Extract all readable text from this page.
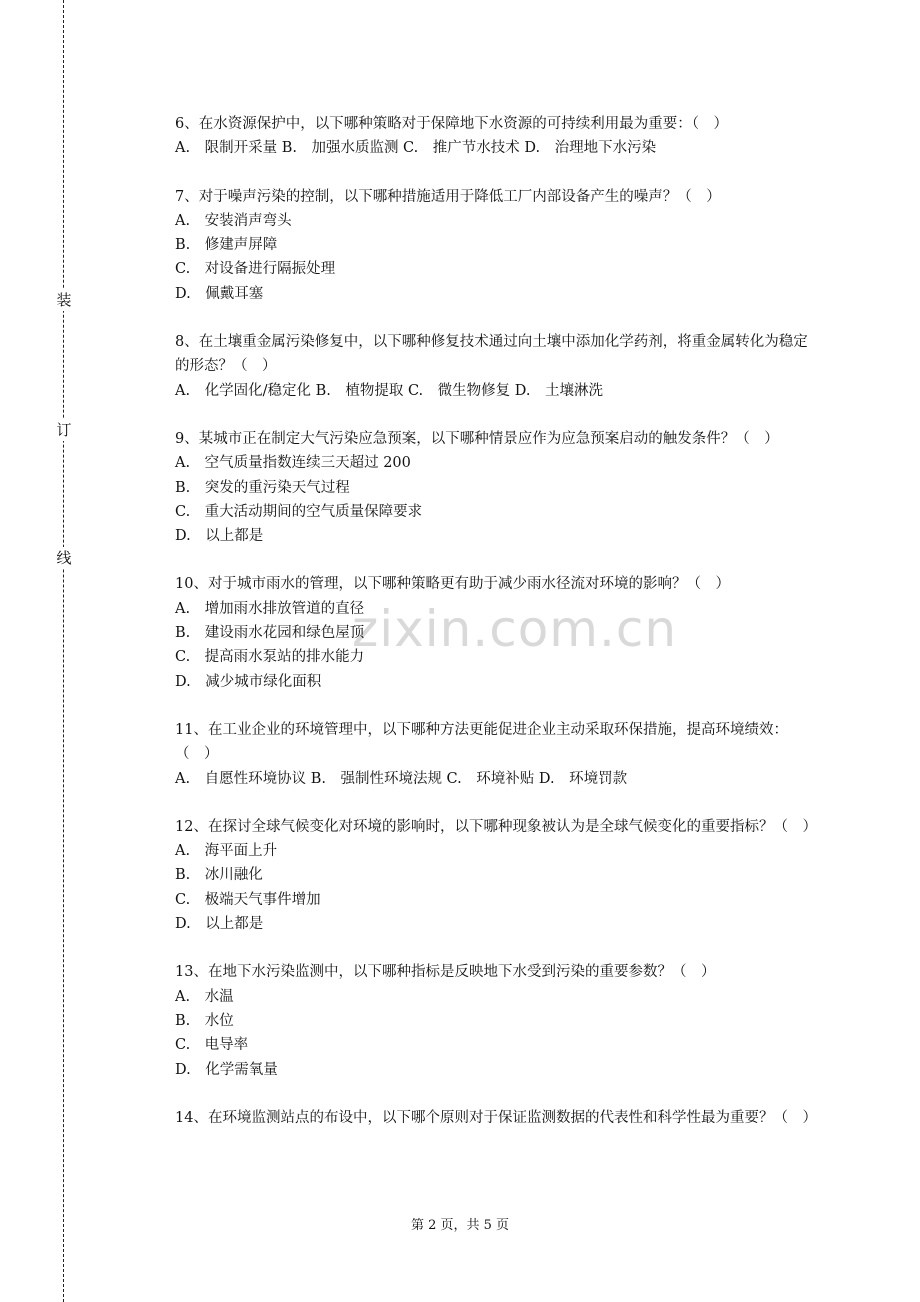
装
订
线
zixin.com.cn

6、在水资源保护中，以下哪种策略对于保障地下水资源的可持续利用最为重要：（　）

A.　限制开采量 B.　加强水质监测 C.　推广节水技术 D.　治理地下水污染

7、对于噪声污染的控制，以下哪种措施适用于降低工厂内部设备产生的噪声？（　）

A.　安装消声弯头

B.　修建声屏障

C.　对设备进行隔振处理

D.　佩戴耳塞

8、在土壤重金属污染修复中，以下哪种修复技术通过向土壤中添加化学药剂，将重金属转化为稳定的形态？（　）

A.　化学固化/稳定化 B.　植物提取 C.　微生物修复 D.　土壤淋洗

9、某城市正在制定大气污染应急预案，以下哪种情景应作为应急预案启动的触发条件？（　）

A.　空气质量指数连续三天超过 200

B.　突发的重污染天气过程

C.　重大活动期间的空气质量保障要求

D.　以上都是

10、对于城市雨水的管理，以下哪种策略更有助于减少雨水径流对环境的影响？（　）

A.　增加雨水排放管道的直径

B.　建设雨水花园和绿色屋顶

C.　提高雨水泵站的排水能力

D.　减少城市绿化面积

11、在工业企业的环境管理中，以下哪种方法更能促进企业主动采取环保措施，提高环境绩效：（　）

A.　自愿性环境协议 B.　强制性环境法规 C.　环境补贴 D.　环境罚款

12、在探讨全球气候变化对环境的影响时，以下哪种现象被认为是全球气候变化的重要指标？（　）

A.　海平面上升

B.　冰川融化

C.　极端天气事件增加

D.　以上都是

13、在地下水污染监测中，以下哪种指标是反映地下水受到污染的重要参数？（　）

A.　水温

B.　水位

C.　电导率

D.　化学需氧量

14、在环境监测站点的布设中，以下哪个原则对于保证监测数据的代表性和科学性最为重要？（　）

第 2 页，共 5 页
